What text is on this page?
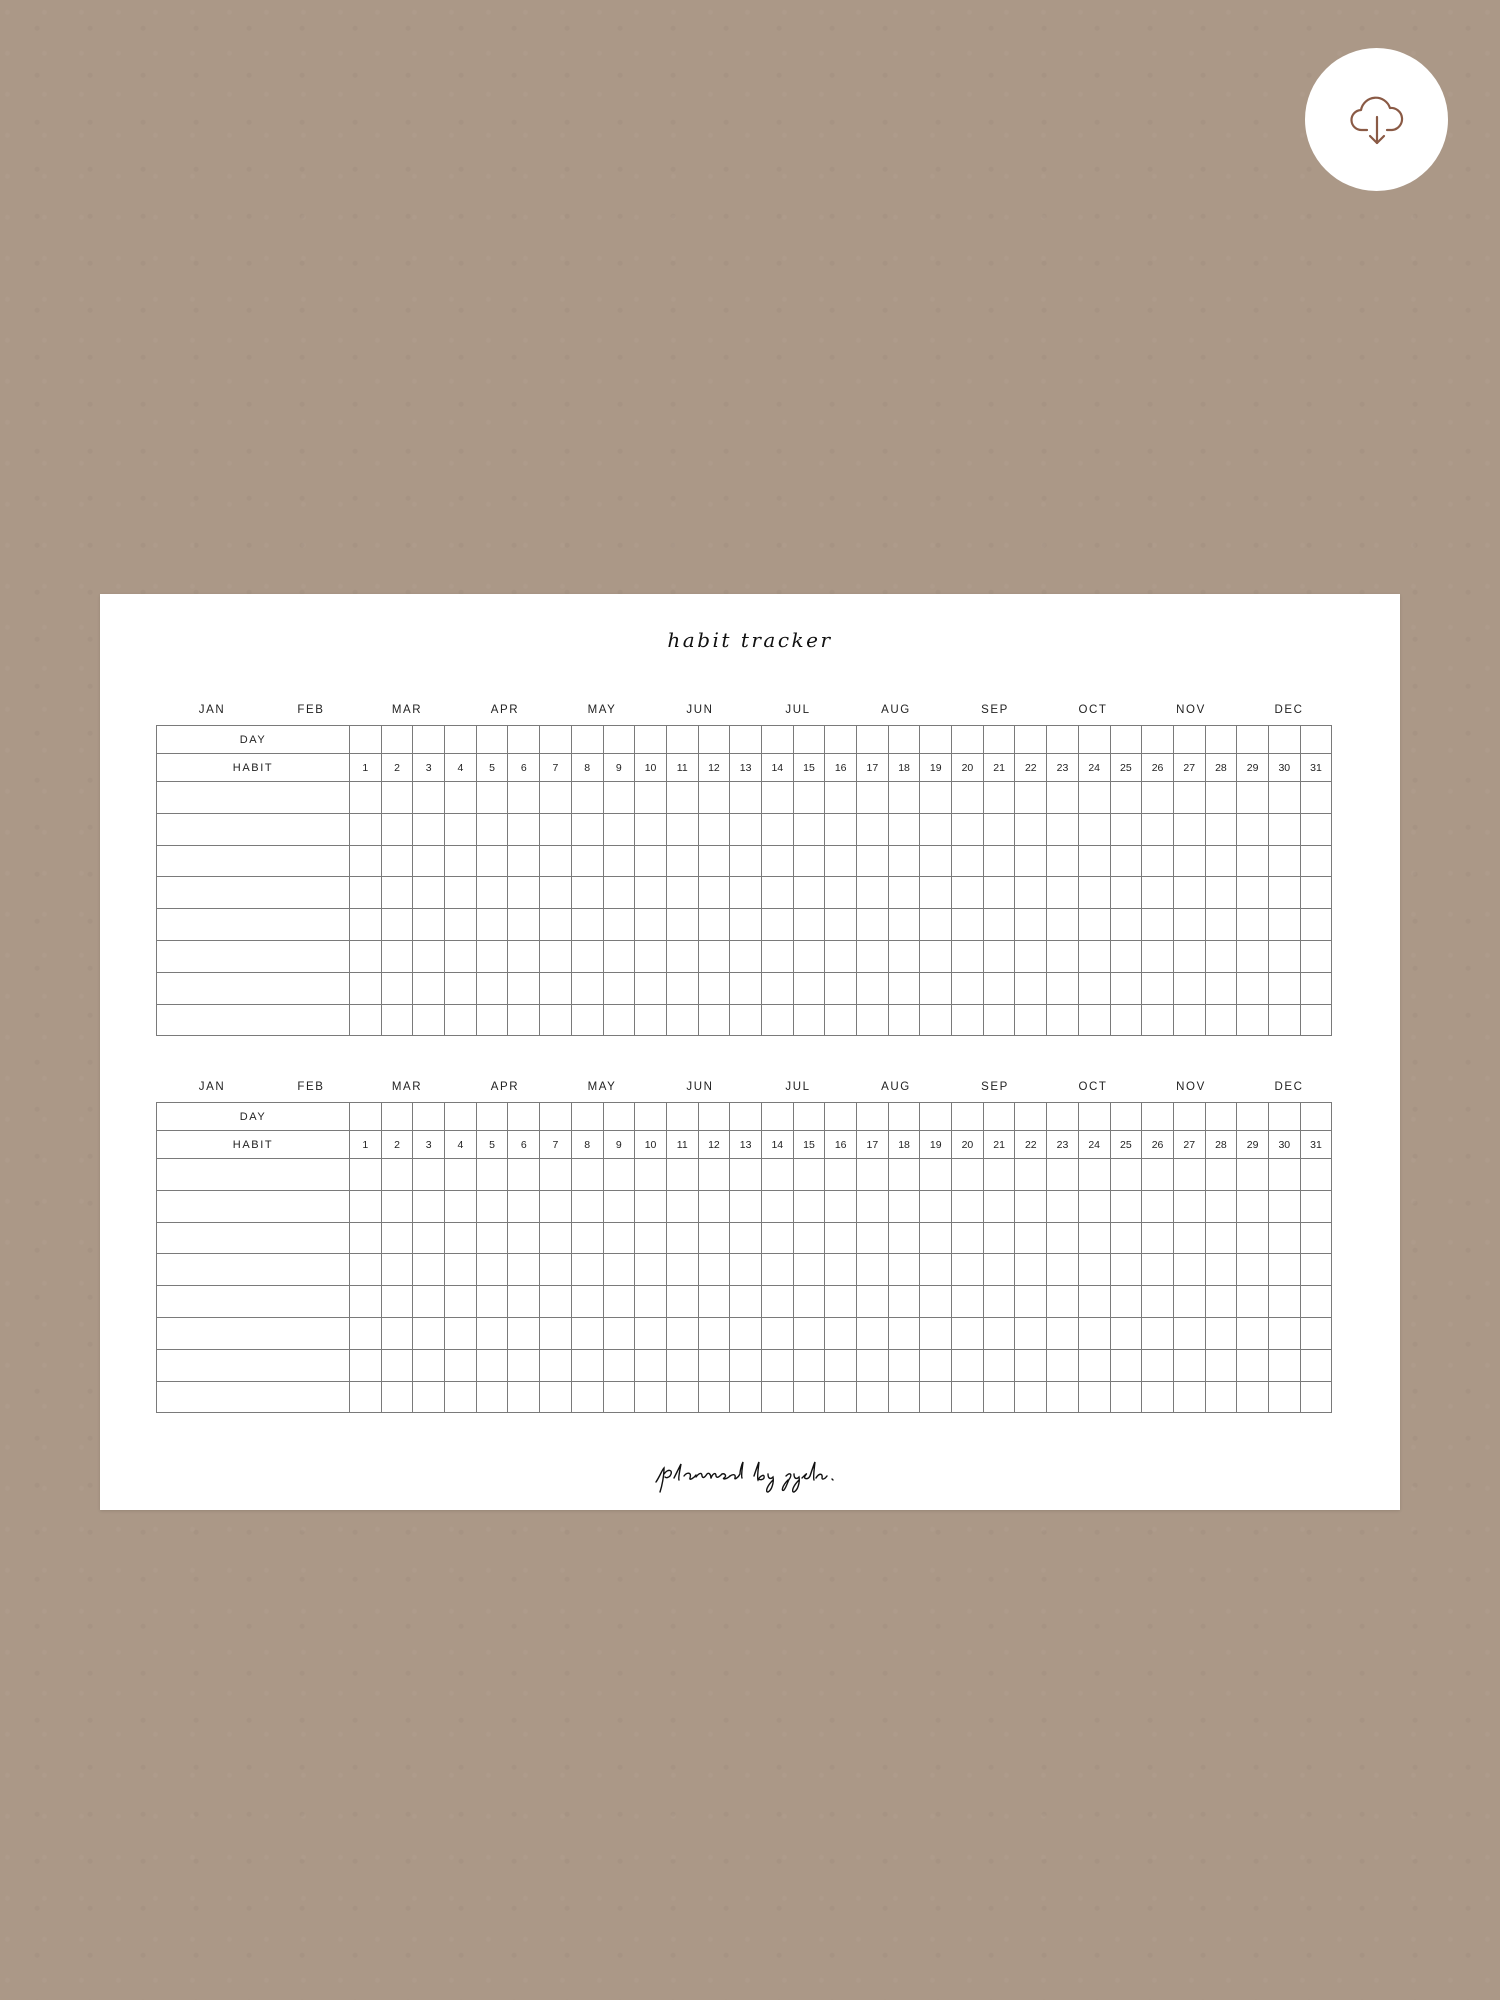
habit tracker
JAN	FEB	MAR	APR	MAY	JUN	JUL	AUG	SEP	OCT	NOV	DEC
DAY																															
HABIT	1	2	3	4	5	6	7	8	9	10	11	12	13	14	15	16	17	18	19	20	21	22	23	24	25	26	27	28	29	30	31

JAN	FEB	MAR	APR	MAY	JUN	JUL	AUG	SEP	OCT	NOV	DEC
DAY																															
HABIT	1	2	3	4	5	6	7	8	9	10	11	12	13	14	15	16	17	18	19	20	21	22	23	24	25	26	27	28	29	30	31
